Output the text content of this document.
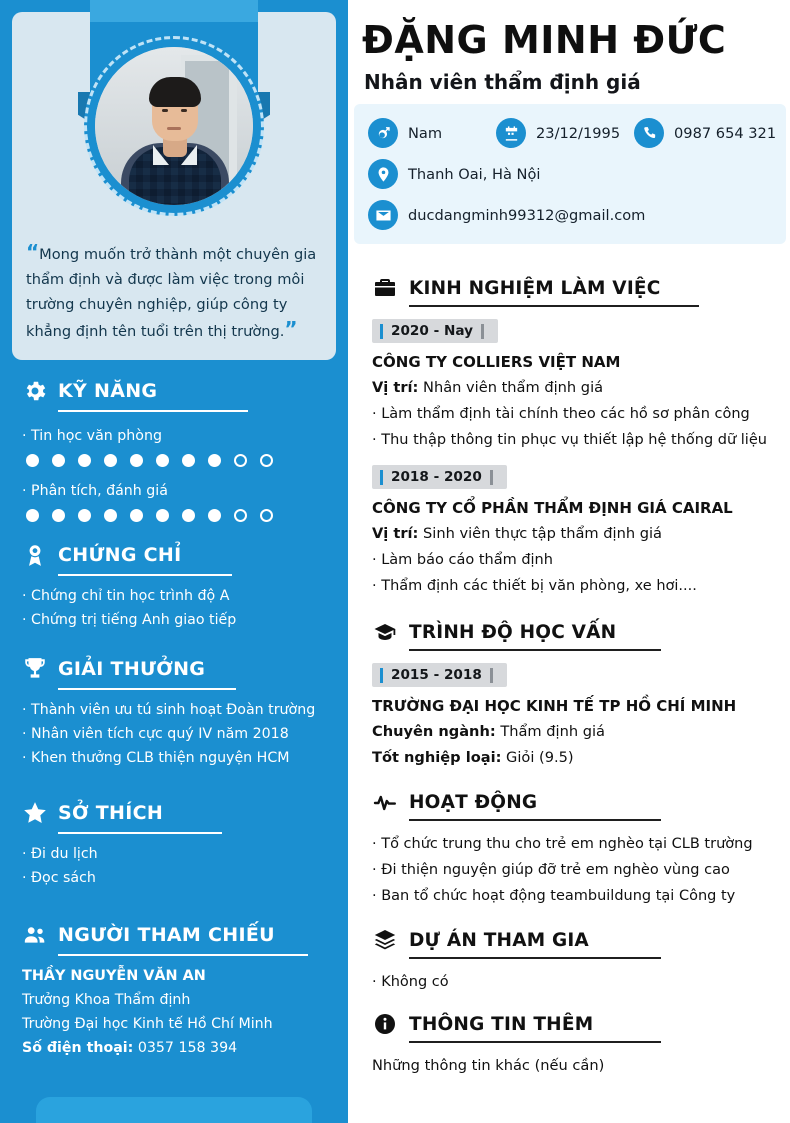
“Mong muốn trở thành một chuyên gia thẩm định và được làm việc trong môi trường chuyên nghiệp, giúp công ty khẳng định tên tuổi trên thị trường.”
KỸ NĂNG
· Tin học văn phòng
· Phân tích, đánh giá
CHỨNG CHỈ
· Chứng chỉ tin học trình độ A
· Chứng trị tiếng Anh giao tiếp
GIẢI THƯỞNG
· Thành viên ưu tú sinh hoạt Đoàn trường
· Nhân viên tích cực quý IV năm 2018
· Khen thưởng CLB thiện nguyện HCM
SỞ THÍCH
· Đi du lịch
· Đọc sách
NGƯỜI THAM CHIẾU
THẦY NGUYỄN VĂN AN
Trưởng Khoa Thẩm định
Trường Đại học Kinh tế Hồ Chí Minh
Số điện thoại: 0357 158 394
ĐẶNG MINH ĐỨC
Nhân viên thẩm định giá
Nam	23/12/1995	0987 654 321
Thanh Oai, Hà Nội
ducdangminh99312@gmail.com
KINH NGHIỆM LÀM VIỆC
2020 - Nay
CÔNG TY COLLIERS VIỆT NAM
Vị trí: Nhân viên thẩm định giá
· Làm thẩm định tài chính theo các hồ sơ phân công
· Thu thập thông tin phục vụ thiết lập hệ thống dữ liệu
2018 - 2020
CÔNG TY CỔ PHẦN THẨM ĐỊNH GIÁ CAIRAL
Vị trí: Sinh viên thực tập thẩm định giá
· Làm báo cáo thẩm định
· Thẩm định các thiết bị văn phòng, xe hơi....
TRÌNH ĐỘ HỌC VẤN
2015 - 2018
TRƯỜNG ĐẠI HỌC KINH TẾ TP HỒ CHÍ MINH
Chuyên ngành: Thẩm định giá
Tốt nghiệp loại: Giỏi (9.5)
HOẠT ĐỘNG
· Tổ chức trung thu cho trẻ em nghèo tại CLB trường
· Đi thiện nguyện giúp đỡ trẻ em nghèo vùng cao
· Ban tổ chức hoạt động teambuildung tại Công ty
DỰ ÁN THAM GIA
· Không có
THÔNG TIN THÊM
Những thông tin khác (nếu cần)
